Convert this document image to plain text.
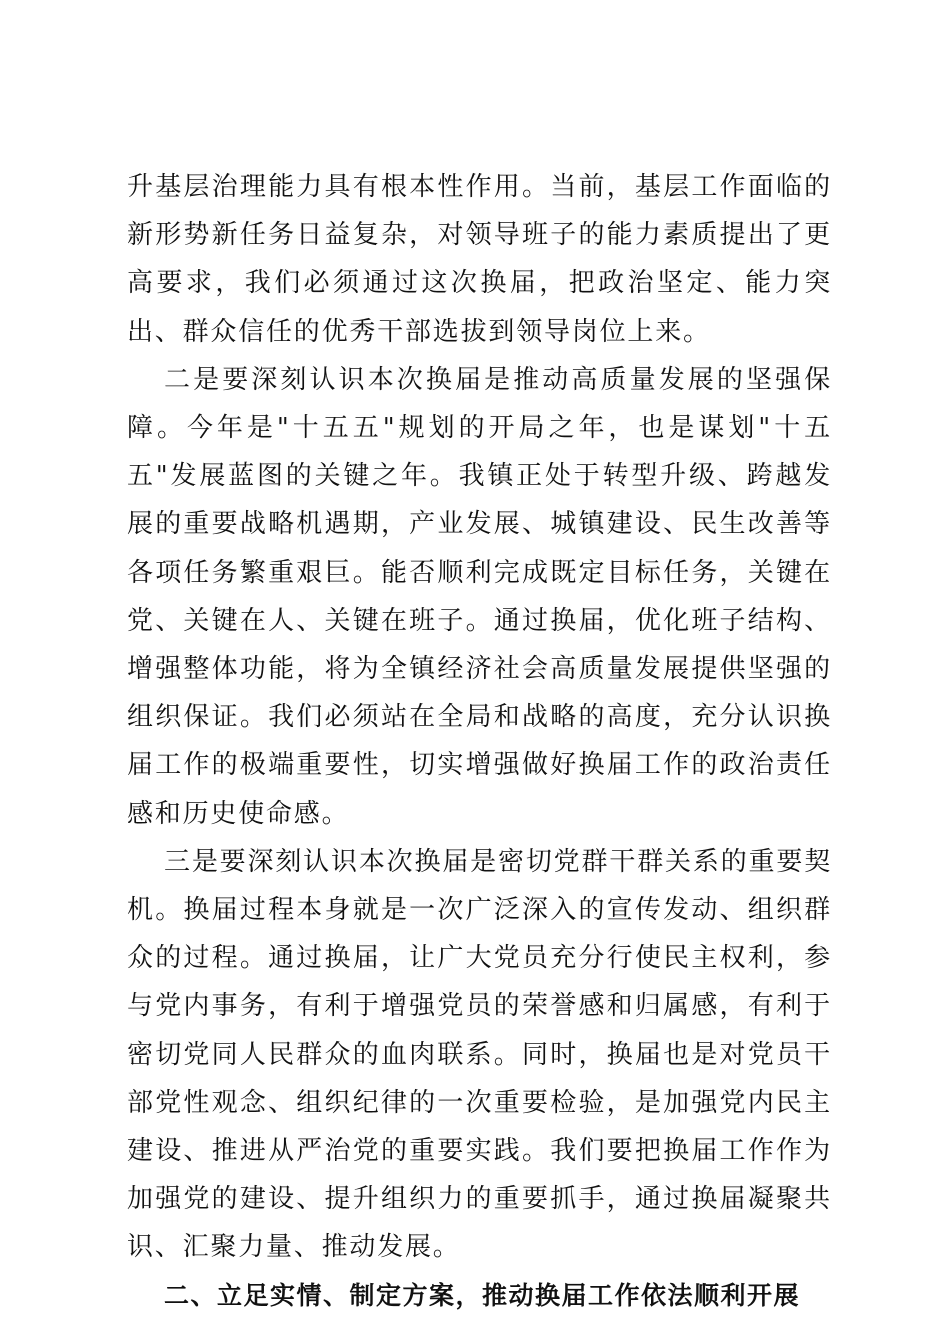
升基层治理能力具有根本性作用。当前，基层工作面临的新形势新任务日益复杂，对领导班子的能力素质提出了更高要求，我们必须通过这次换届，把政治坚定、能力突出、群众信任的优秀干部选拔到领导岗位上来。

二是要深刻认识本次换届是推动高质量发展的坚强保障。今年是"十五五"规划的开局之年，也是谋划"十五五"发展蓝图的关键之年。我镇正处于转型升级、跨越发展的重要战略机遇期，产业发展、城镇建设、民生改善等各项任务繁重艰巨。能否顺利完成既定目标任务，关键在党、关键在人、关键在班子。通过换届，优化班子结构、增强整体功能，将为全镇经济社会高质量发展提供坚强的组织保证。我们必须站在全局和战略的高度，充分认识换届工作的极端重要性，切实增强做好换届工作的政治责任感和历史使命感。

三是要深刻认识本次换届是密切党群干群关系的重要契机。换届过程本身就是一次广泛深入的宣传发动、组织群众的过程。通过换届，让广大党员充分行使民主权利，参与党内事务，有利于增强党员的荣誉感和归属感，有利于密切党同人民群众的血肉联系。同时，换届也是对党员干部党性观念、组织纪律的一次重要检验，是加强党内民主建设、推进从严治党的重要实践。我们要把换届工作作为加强党的建设、提升组织力的重要抓手，通过换届凝聚共识、汇聚力量、推动发展。

二、立足实情、制定方案，推动换届工作依法顺利开展
